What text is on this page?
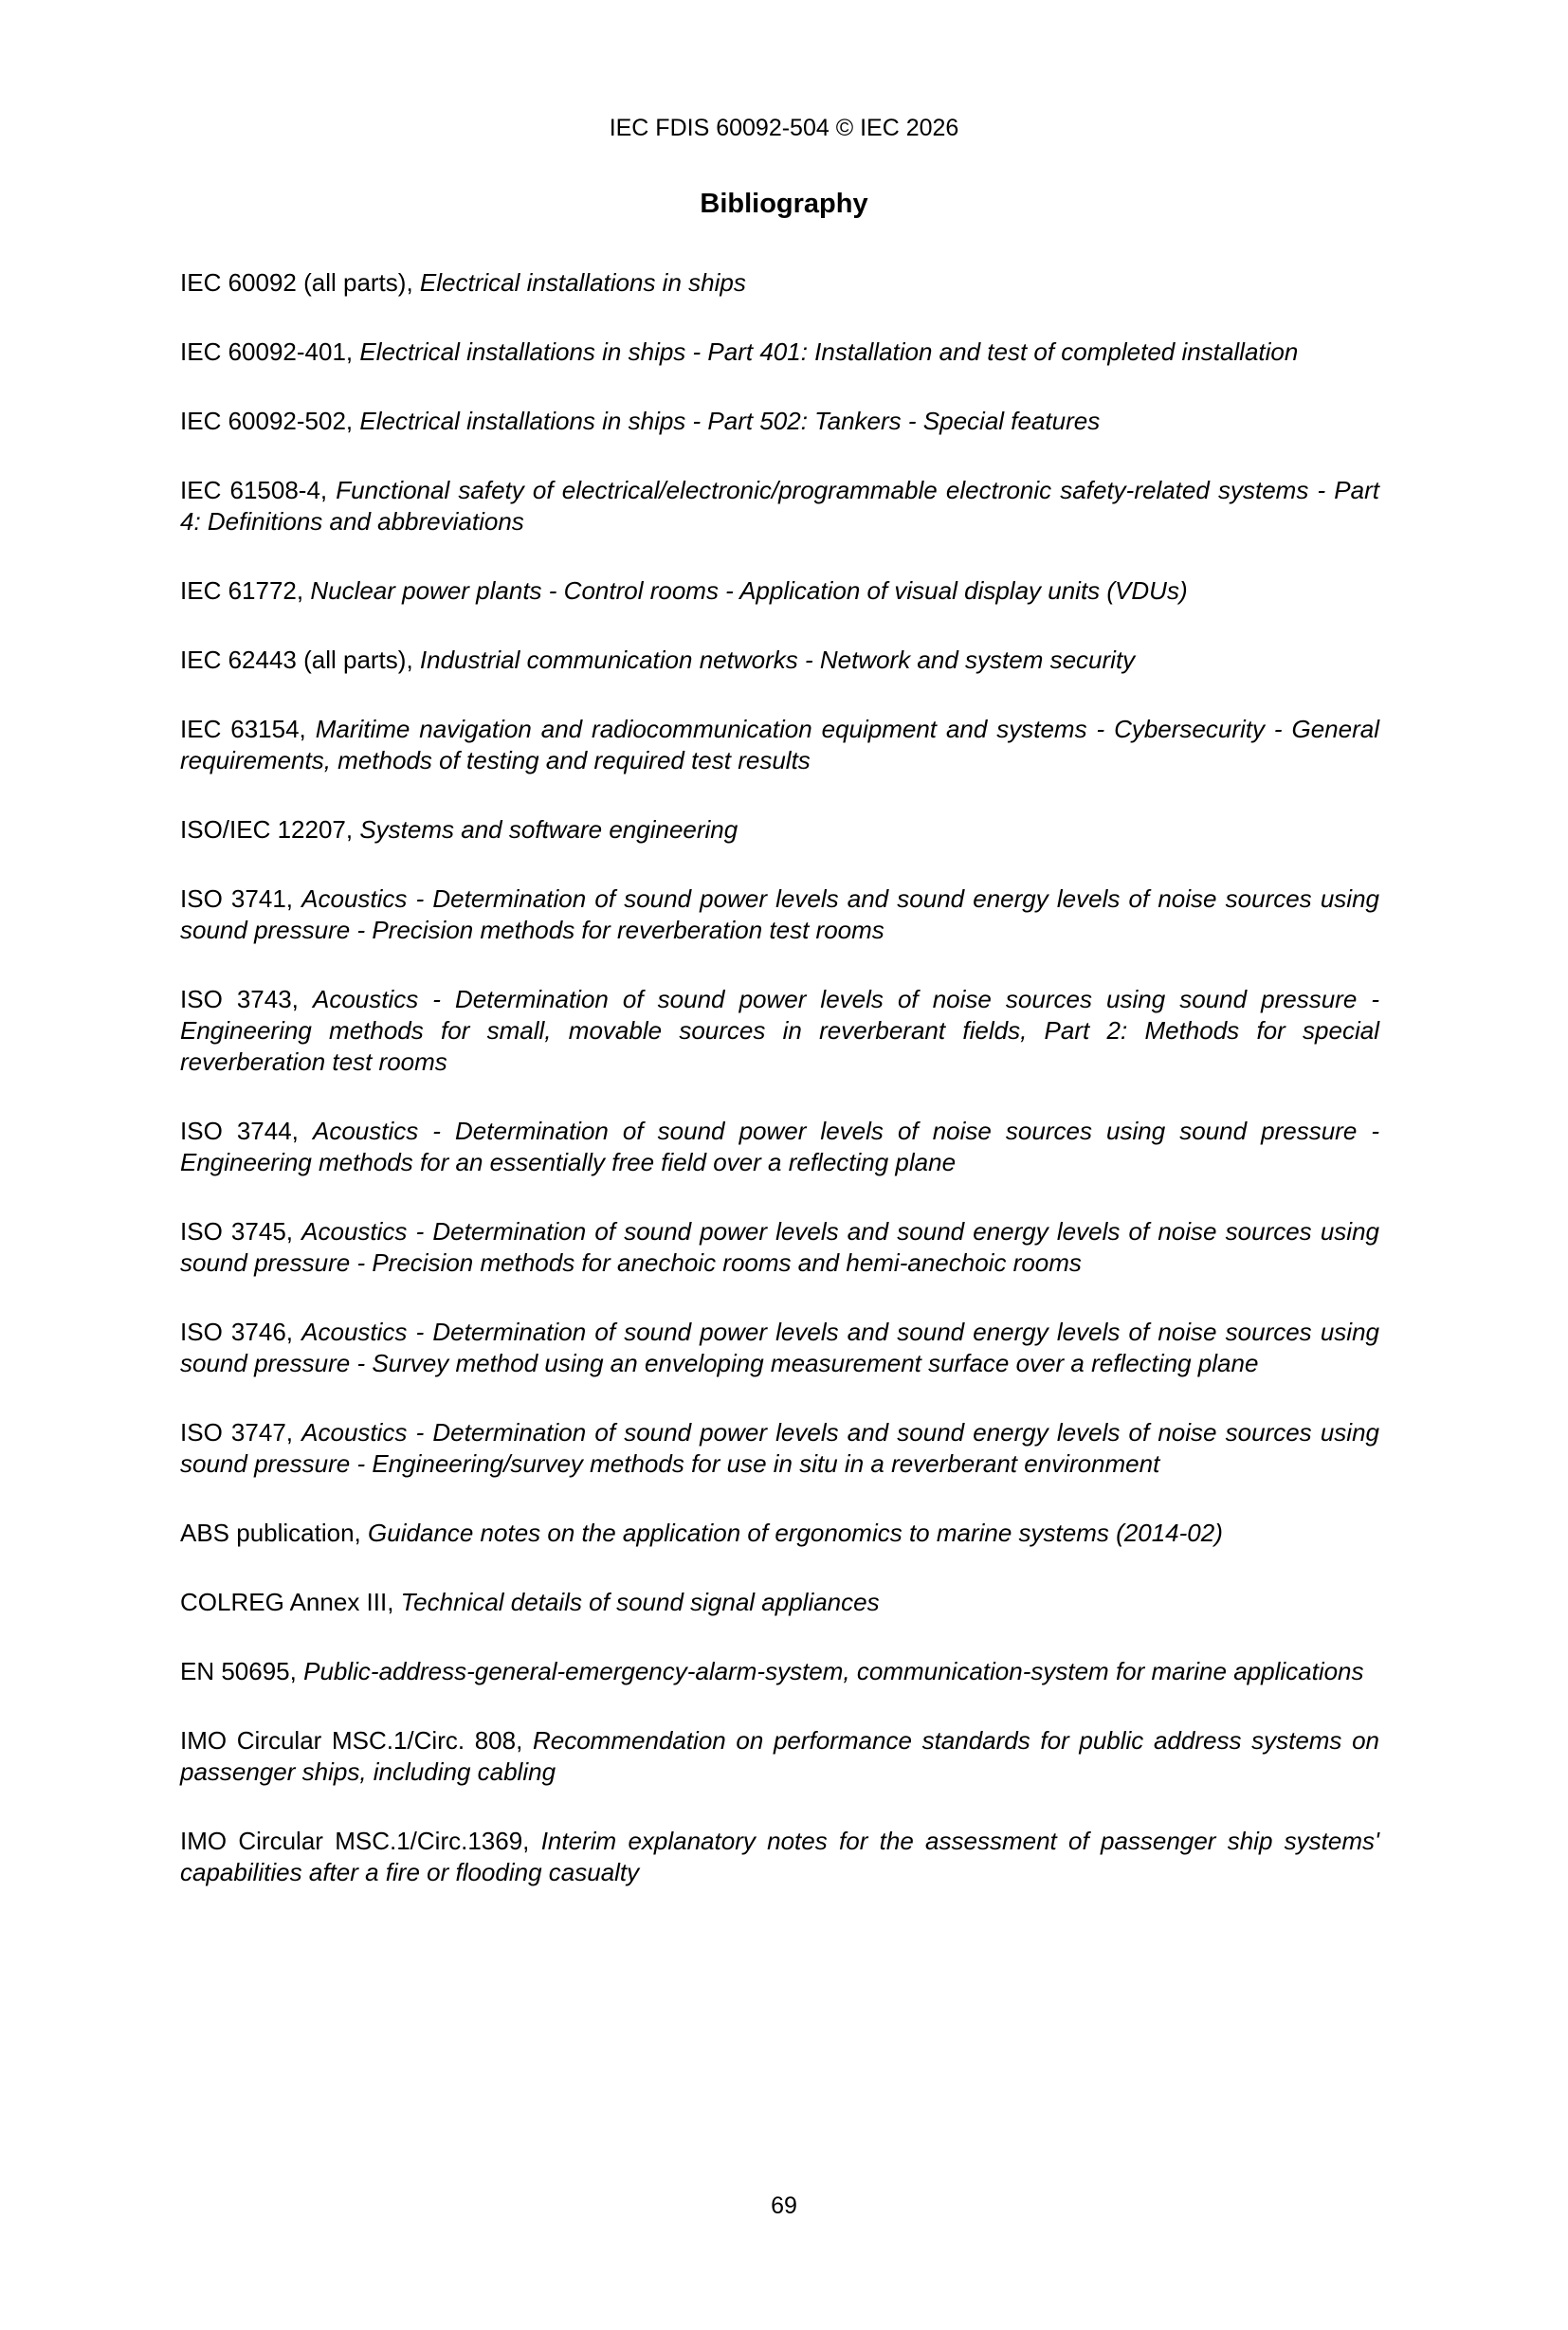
IEC FDIS 60092-504 © IEC 2026
Bibliography

IEC 60092 (all parts), Electrical installations in ships

IEC 60092-401, Electrical installations in ships - Part 401: Installation and test of completed installation

IEC 60092-502, Electrical installations in ships - Part 502: Tankers - Special features

IEC 61508-4, Functional safety of electrical/electronic/programmable electronic safety-related systems - Part 4: Definitions and abbreviations

IEC 61772, Nuclear power plants - Control rooms - Application of visual display units (VDUs)

IEC 62443 (all parts), Industrial communication networks - Network and system security

IEC 63154, Maritime navigation and radiocommunication equipment and systems - Cybersecurity - General requirements, methods of testing and required test results

ISO/IEC 12207, Systems and software engineering

ISO 3741, Acoustics - Determination of sound power levels and sound energy levels of noise sources using sound pressure - Precision methods for reverberation test rooms

ISO 3743, Acoustics - Determination of sound power levels of noise sources using sound pressure - Engineering methods for small, movable sources in reverberant fields, Part 2: Methods for special reverberation test rooms

ISO 3744, Acoustics - Determination of sound power levels of noise sources using sound pressure - Engineering methods for an essentially free field over a reflecting plane

ISO 3745, Acoustics - Determination of sound power levels and sound energy levels of noise sources using sound pressure - Precision methods for anechoic rooms and hemi-anechoic rooms

ISO 3746, Acoustics - Determination of sound power levels and sound energy levels of noise sources using sound pressure - Survey method using an enveloping measurement surface over a reflecting plane

ISO 3747, Acoustics - Determination of sound power levels and sound energy levels of noise sources using sound pressure - Engineering/survey methods for use in situ in a reverberant environment

ABS publication, Guidance notes on the application of ergonomics to marine systems (2014-02)

COLREG Annex III, Technical details of sound signal appliances

EN 50695, Public-address-general-emergency-alarm-system, communication-system for marine applications

IMO Circular MSC.1/Circ. 808, Recommendation on performance standards for public address systems on passenger ships, including cabling

IMO Circular MSC.1/Circ.1369, Interim explanatory notes for the assessment of passenger ship systems' capabilities after a fire or flooding casualty

69
